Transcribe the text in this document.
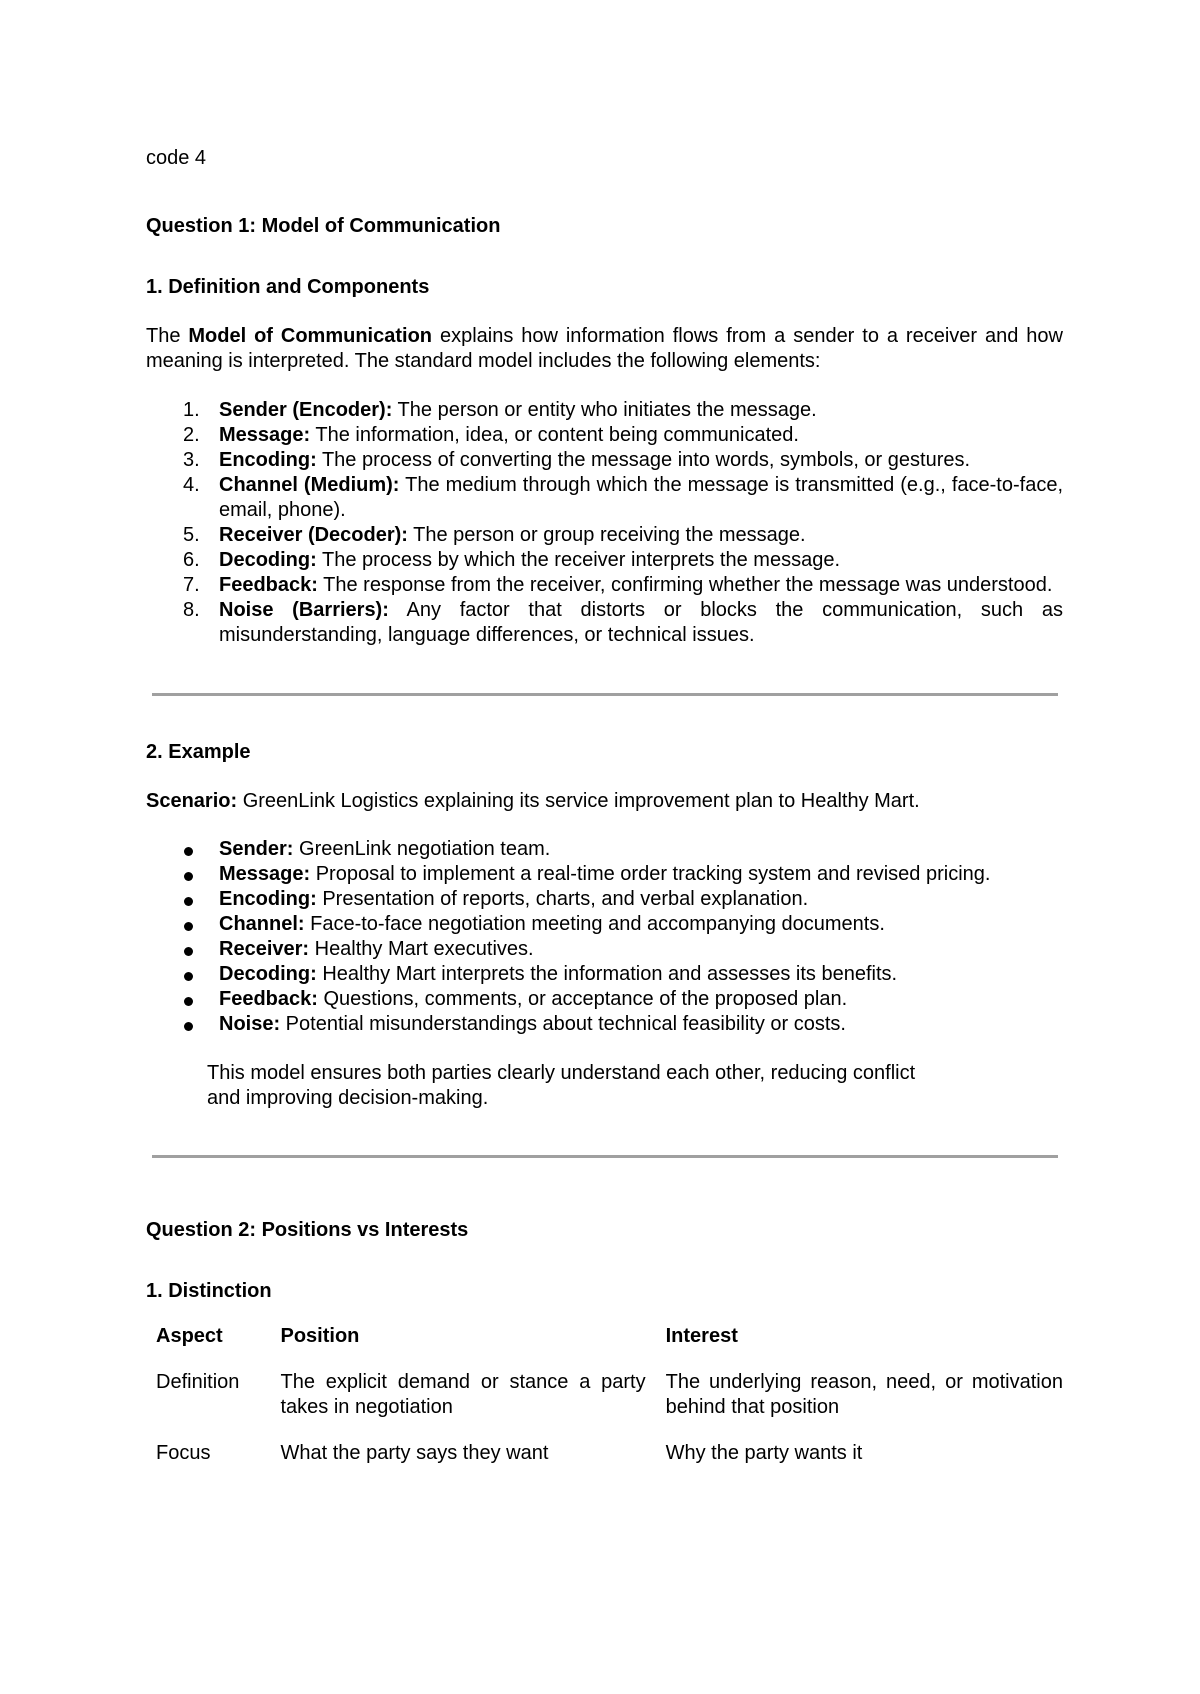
code 4

Question 1: Model of Communication

1. Definition and Components

The Model of Communication explains how information flows from a sender to a receiver and how meaning is interpreted. The standard model includes the following elements:

1. Sender (Encoder): The person or entity who initiates the message.
2. Message: The information, idea, or content being communicated.
3. Encoding: The process of converting the message into words, symbols, or gestures.
4. Channel (Medium): The medium through which the message is transmitted (e.g., face-to-face, email, phone).
5. Receiver (Decoder): The person or group receiving the message.
6. Decoding: The process by which the receiver interprets the message.
7. Feedback: The response from the receiver, confirming whether the message was understood.
8. Noise (Barriers): Any factor that distorts or blocks the communication, such as misunderstanding, language differences, or technical issues.

2. Example

Scenario: GreenLink Logistics explaining its service improvement plan to Healthy Mart.

Sender: GreenLink negotiation team.
Message: Proposal to implement a real-time order tracking system and revised pricing.
Encoding: Presentation of reports, charts, and verbal explanation.
Channel: Face-to-face negotiation meeting and accompanying documents.
Receiver: Healthy Mart executives.
Decoding: Healthy Mart interprets the information and assesses its benefits.
Feedback: Questions, comments, or acceptance of the proposed plan.
Noise: Potential misunderstandings about technical feasibility or costs.

This model ensures both parties clearly understand each other, reducing conflict
and improving decision-making.

Question 2: Positions vs Interests

1. Distinction

Aspect	Position	Interest
Definition	The explicit demand or stance a party takes in negotiation	The underlying reason, need, or motivation behind that position
Focus	What the party says they want	Why the party wants it
